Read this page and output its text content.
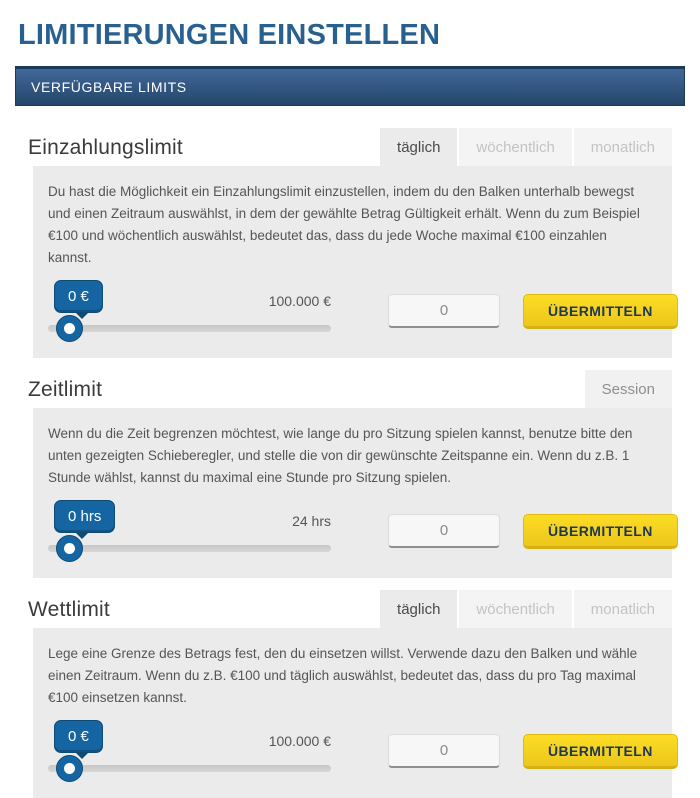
LIMITIERUNGEN EINSTELLEN
VERFÜGBARE LIMITS
Einzahlungslimit	täglich	wöchentlich	monatlich

Du hast die Möglichkeit ein Einzahlungslimit einzustellen, indem du den Balken unterhalb bewegst und einen Zeitraum auswählst, in dem der gewählte Betrag Gültigkeit erhält. Wenn du zum Beispiel €100 und wöchentlich auswählst, bedeutet das, dass du jede Woche maximal €100 einzahlen kannst.

0 €	100.000 €
0
ÜBERMITTELN
Zeitlimit	Session

Wenn du die Zeit begrenzen möchtest, wie lange du pro Sitzung spielen kannst, benutze bitte den unten gezeigten Schieberegler, und stelle die von dir gewünschte Zeitspanne ein. Wenn du z.B. 1 Stunde wählst, kannst du maximal eine Stunde pro Sitzung spielen.

0 hrs	24 hrs
0
ÜBERMITTELN
Wettlimit	täglich	wöchentlich	monatlich

Lege eine Grenze des Betrags fest, den du einsetzen willst. Verwende dazu den Balken und wähle einen Zeitraum. Wenn du z.B. €100 und täglich auswählst, bedeutet das, dass du pro Tag maximal €100 einsetzen kannst.

0 €	100.000 €
0
ÜBERMITTELN
